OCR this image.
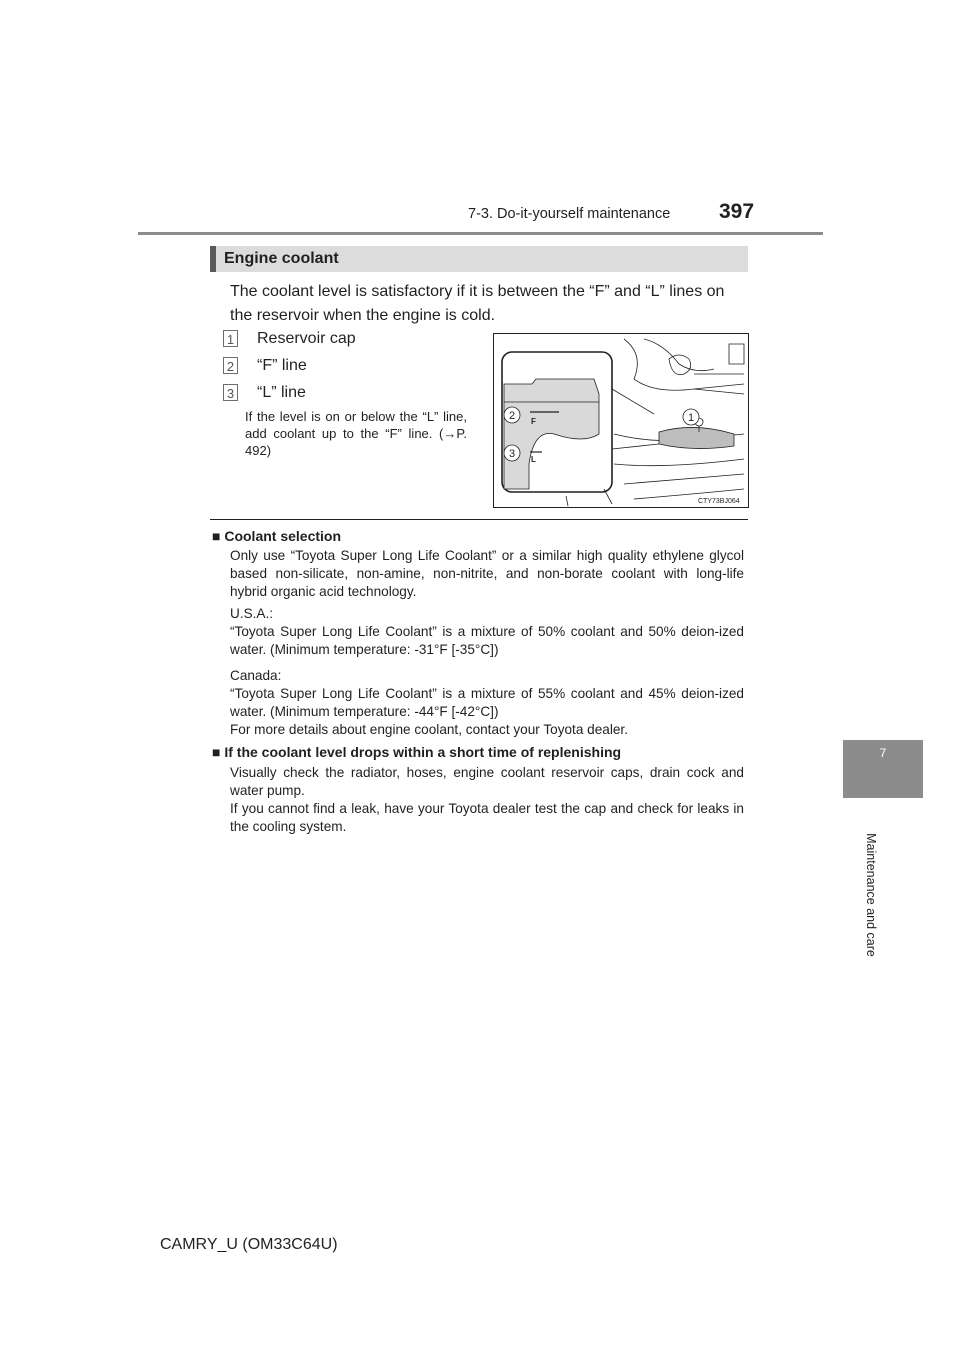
7-3. Do-it-yourself maintenance 397
7
Maintenance and care
Engine coolant
The coolant level is satisfactory if it is between the “F” and “L” lines on the reservoir when the engine is cold.
1 Reservoir cap
2 “F” line
3 “L” line
If the level is on or below the “L” line, add coolant up to the “F” line. (→P. 492)
2
3
1
F
L
CTY73BJ064
■ Coolant selection
Only use “Toyota Super Long Life Coolant” or a similar high quality ethylene glycol based non-silicate, non-amine, non-nitrite, and non-borate coolant with long-life hybrid organic acid technology.
U.S.A.:
“Toyota Super Long Life Coolant” is a mixture of 50% coolant and 50% deion-ized water. (Minimum temperature: -31°F [-35°C])
Canada:
“Toyota Super Long Life Coolant” is a mixture of 55% coolant and 45% deion-ized water. (Minimum temperature: -44°F [-42°C])
For more details about engine coolant, contact your Toyota dealer.
■ If the coolant level drops within a short time of replenishing
Visually check the radiator, hoses, engine coolant reservoir caps, drain cock and water pump.
If you cannot find a leak, have your Toyota dealer test the cap and check for leaks in the cooling system.
CAMRY_U (OM33C64U)
